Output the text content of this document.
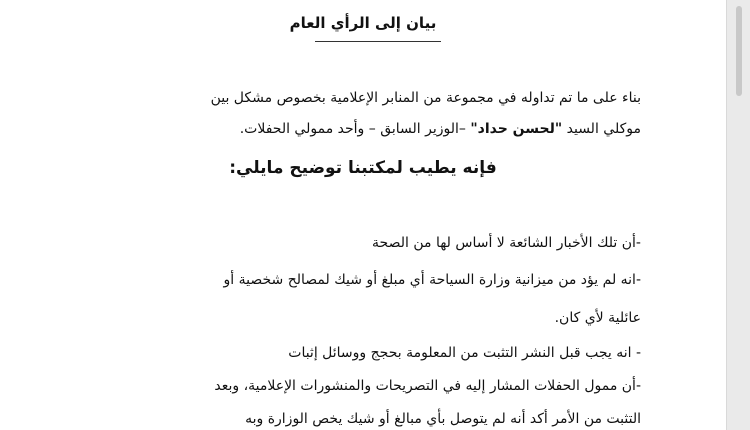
بيان إلى الرأي العام
بناء على ما تم تداوله في مجموعة من المنابر الإعلامية بخصوص مشكل بين
موكلي السيد "لحسن حداد" –الوزير السابق – وأحد ممولي الحفلات.
فإنه يطيب لمكتبنا توضيح مايلي:
-أن تلك الأخبار الشائعة لا أساس لها من الصحة
-انه لم يؤد من ميزانية وزارة السياحة أي مبلغ أو شيك لمصالح شخصية أو
عائلية لأي كان.
- انه يجب قبل النشر التثبت من المعلومة بحجج ووسائل إثبات
-أن ممول الحفلات المشار إليه في التصريحات والمنشورات الإعلامية، وبعد
التثبت من الأمر أكد أنه لم يتوصل بأي مبالغ أو شيك يخص الوزارة وبه
